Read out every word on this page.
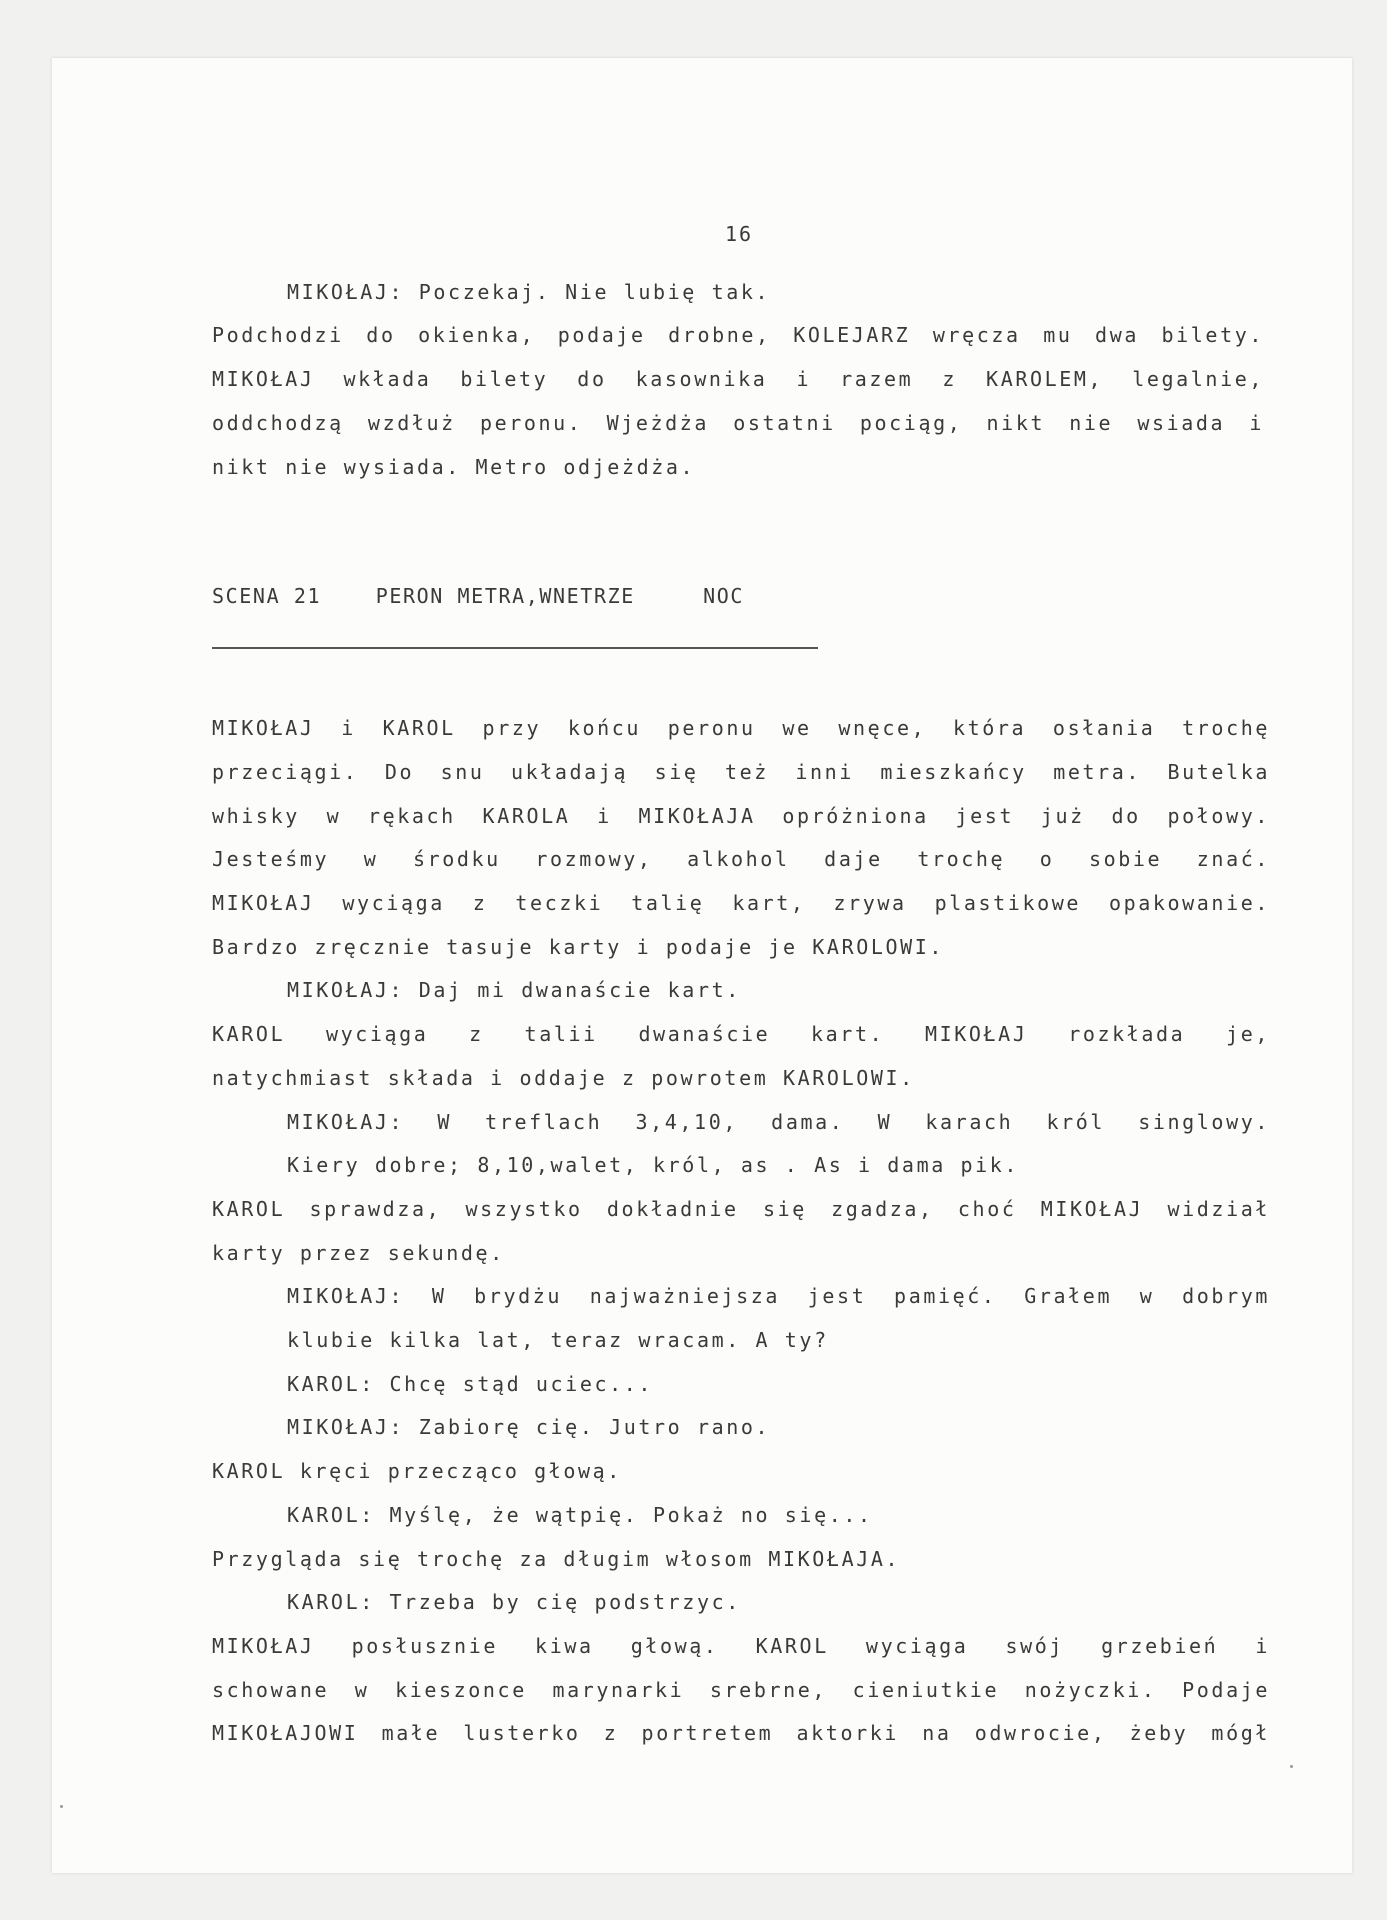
16
MIKOŁAJ: Poczekaj. Nie lubię tak.
Podchodzi do okienka, podaje drobne, KOLEJARZ wręcza mu dwa bilety.
MIKOŁAJ wkłada bilety do kasownika i razem z KAROLEM, legalnie,
oddchodzą wzdłuż peronu. Wjeżdża ostatni pociąg, nikt nie wsiada i
nikt nie wysiada. Metro odjeżdża.
SCENA 21    PERON METRA,WNETRZE     NOC
MIKOŁAJ i KAROL przy końcu peronu we wnęce, która osłania trochę
przeciągi. Do snu układają się też inni mieszkańcy metra. Butelka
whisky w rękach KAROLA i MIKOŁAJA opróżniona jest już do połowy.
Jesteśmy w środku rozmowy, alkohol daje trochę o sobie znać.
MIKOŁAJ wyciąga z teczki talię kart, zrywa plastikowe opakowanie.
Bardzo zręcznie tasuje karty i podaje je KAROLOWI.
MIKOŁAJ: Daj mi dwanaście kart.
KAROL wyciąga z talii dwanaście kart. MIKOŁAJ rozkłada je,
natychmiast składa i oddaje z powrotem KAROLOWI.
MIKOŁAJ: W treflach 3,4,10, dama. W karach król singlowy.
Kiery dobre; 8,10,walet, król, as . As i dama pik.
KAROL sprawdza, wszystko dokładnie się zgadza, choć MIKOŁAJ widział
karty przez sekundę.
MIKOŁAJ: W brydżu najważniejsza jest pamięć. Grałem w dobrym
klubie kilka lat, teraz wracam. A ty?
KAROL: Chcę stąd uciec...
MIKOŁAJ: Zabiorę cię. Jutro rano.
KAROL kręci przecząco głową.
KAROL: Myślę, że wątpię. Pokaż no się...
Przygląda się trochę za długim włosom MIKOŁAJA.
KAROL: Trzeba by cię podstrzyc.
MIKOŁAJ posłusznie kiwa głową. KAROL wyciąga swój grzebień i
schowane w kieszonce marynarki srebrne, cieniutkie nożyczki. Podaje
MIKOŁAJOWI małe lusterko z portretem aktorki na odwrocie, żeby mógł
